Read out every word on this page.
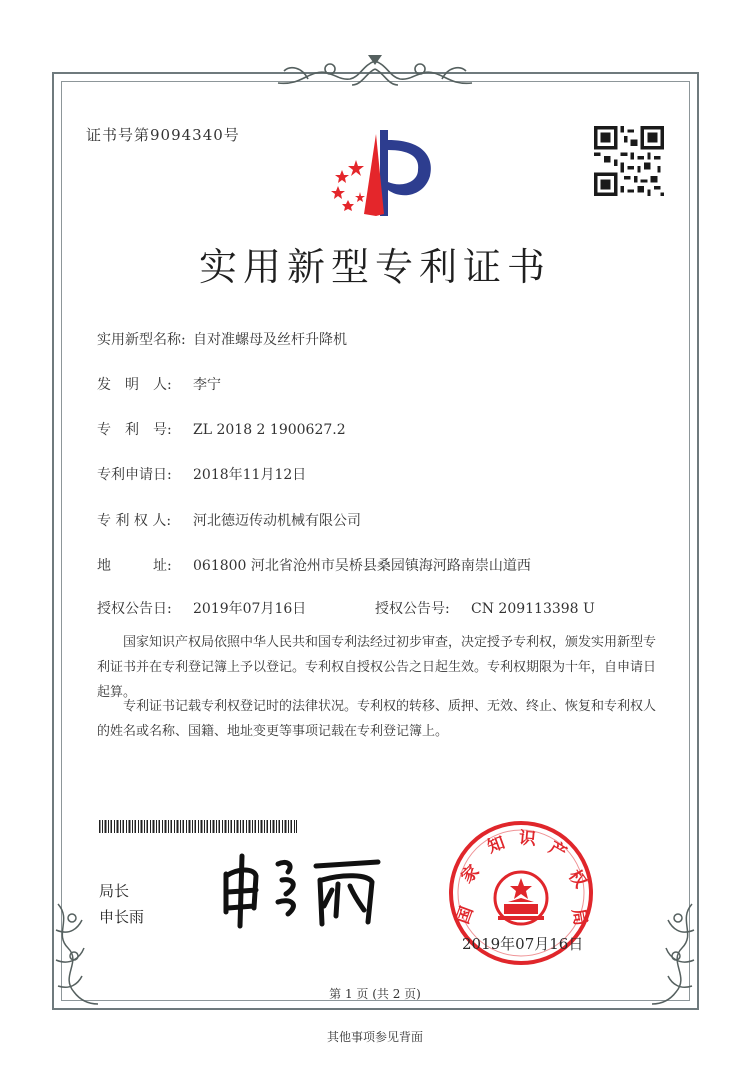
证书号第9094340号
实用新型专利证书
实用新型名称: 自对准螺母及丝杆升降机
发　明　人: 李宁
专　利　号: ZL 2018 2 1900627.2
专利申请日: 2018年11月12日
专 利 权 人: 河北德迈传动机械有限公司
地　　　址: 061800 河北省沧州市吴桥县桑园镇海河路南崇山道西
授权公告日: 2019年07月16日	授权公告号: CN 209113398 U
国家知识产权局依照中华人民共和国专利法经过初步审查，决定授予专利权，颁发实用新型专利证书并在专利登记簿上予以登记。专利权自授权公告之日起生效。专利权期限为十年，自申请日起算。
专利证书记载专利权登记时的法律状况。专利权的转移、质押、无效、终止、恢复和专利权人的姓名或名称、国籍、地址变更等事项记载在专利登记簿上。
局长
申长雨	国
家
知 识 产
权
局
2019年07月16日
第 1 页 (共 2 页)
其他事项参见背面
